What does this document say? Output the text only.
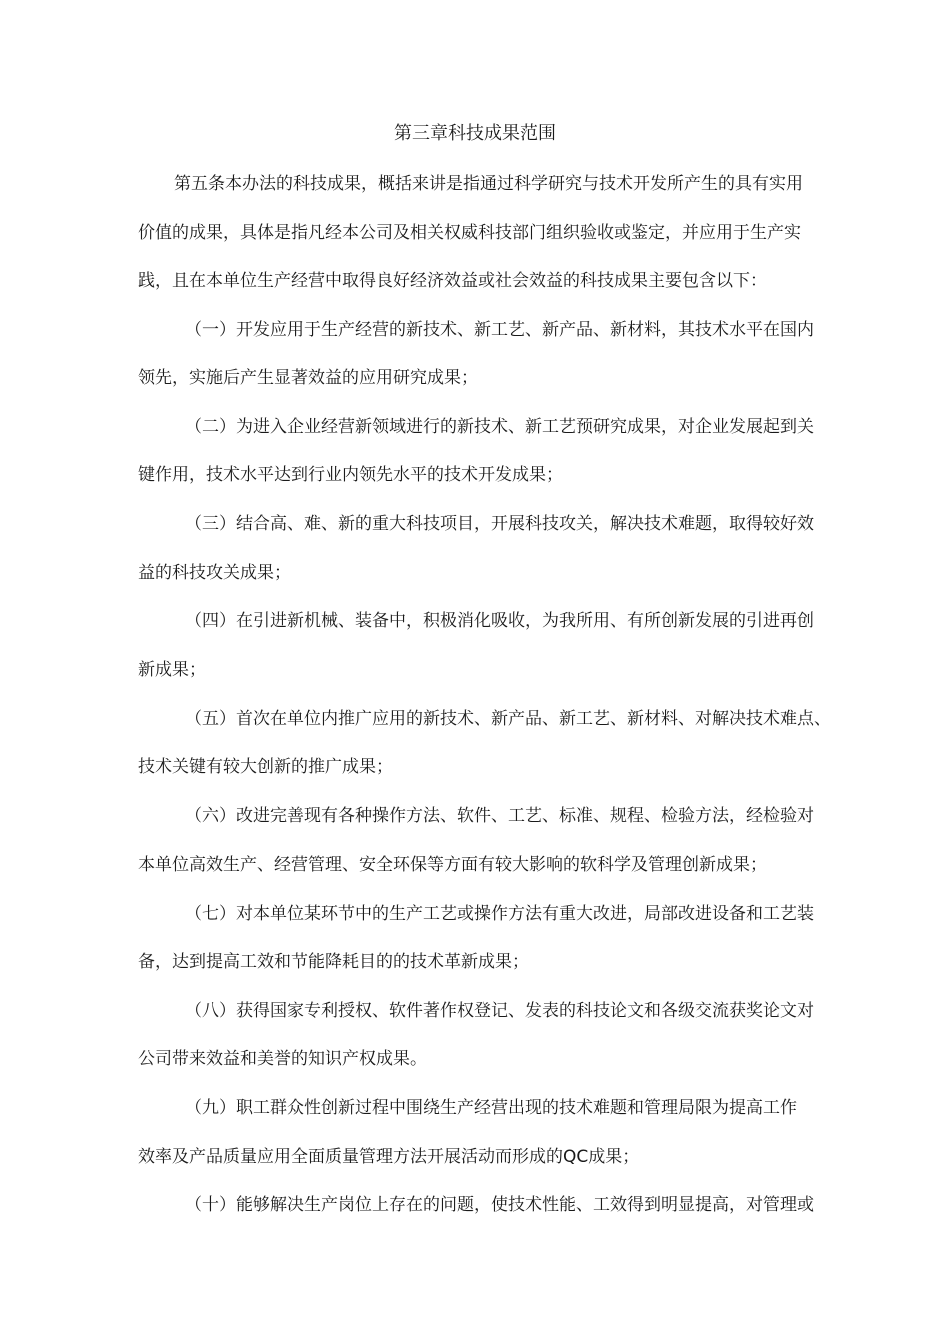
第三章科技成果范围
第五条本办法的科技成果，概括来讲是指通过科学研究与技术开发所产生的具有实用
价值的成果，具体是指凡经本公司及相关权威科技部门组织验收或鉴定，并应用于生产实
践，且在本单位生产经营中取得良好经济效益或社会效益的科技成果主要包含以下：
（一）开发应用于生产经营的新技术、新工艺、新产品、新材料，其技术水平在国内
领先，实施后产生显著效益的应用研究成果；
（二）为进入企业经营新领域进行的新技术、新工艺预研究成果，对企业发展起到关
键作用，技术水平达到行业内领先水平的技术开发成果；
（三）结合高、难、新的重大科技项目，开展科技攻关，解决技术难题，取得较好效
益的科技攻关成果；
（四）在引进新机械、装备中，积极消化吸收，为我所用、有所创新发展的引进再创
新成果；
（五）首次在单位内推广应用的新技术、新产品、新工艺、新材料、对解决技术难点、
技术关键有较大创新的推广成果；
（六）改进完善现有各种操作方法、软件、工艺、标准、规程、检验方法，经检验对
本单位高效生产、经营管理、安全环保等方面有较大影响的软科学及管理创新成果；
（七）对本单位某环节中的生产工艺或操作方法有重大改进，局部改进设备和工艺装
备，达到提高工效和节能降耗目的的技术革新成果；
（八）获得国家专利授权、软件著作权登记、发表的科技论文和各级交流获奖论文对
公司带来效益和美誉的知识产权成果。
（九）职工群众性创新过程中围绕生产经营出现的技术难题和管理局限为提高工作
效率及产品质量应用全面质量管理方法开展活动而形成的QC成果；
（十）能够解决生产岗位上存在的问题，使技术性能、工效得到明显提高，对管理或
